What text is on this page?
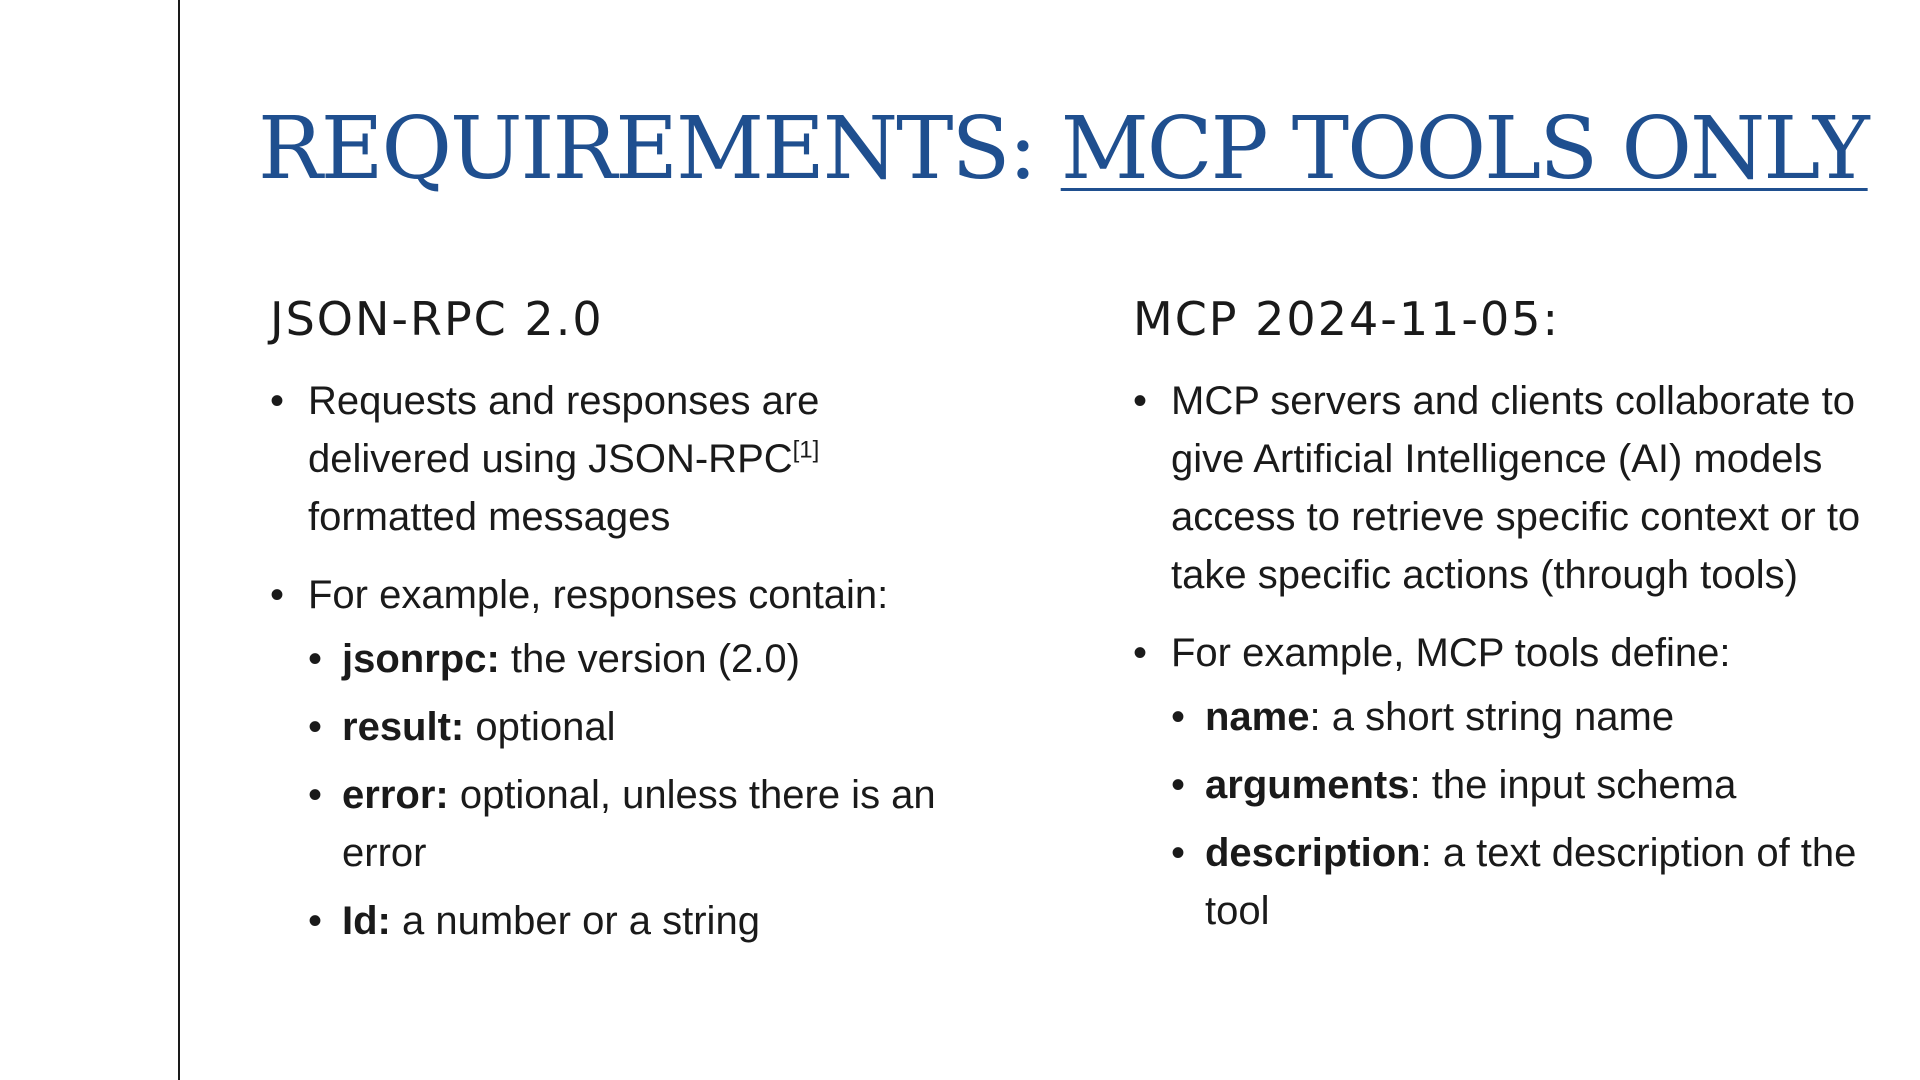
REQUIREMENTS: MCP TOOLS ONLY
JSON-RPC 2.0
• Requests and responses are delivered using JSON-RPC[1] formatted messages
• For example, responses contain:
• jsonrpc: the version (2.0)
• result: optional
• error: optional, unless there is an error
• Id: a number or a string
MCP 2024-11-05:
• MCP servers and clients collaborate to give Artificial Intelligence (AI) models access to retrieve specific context or to take specific actions (through tools)
• For example, MCP tools define:
• name: a short string name
• arguments: the input schema
• description: a text description of the tool
